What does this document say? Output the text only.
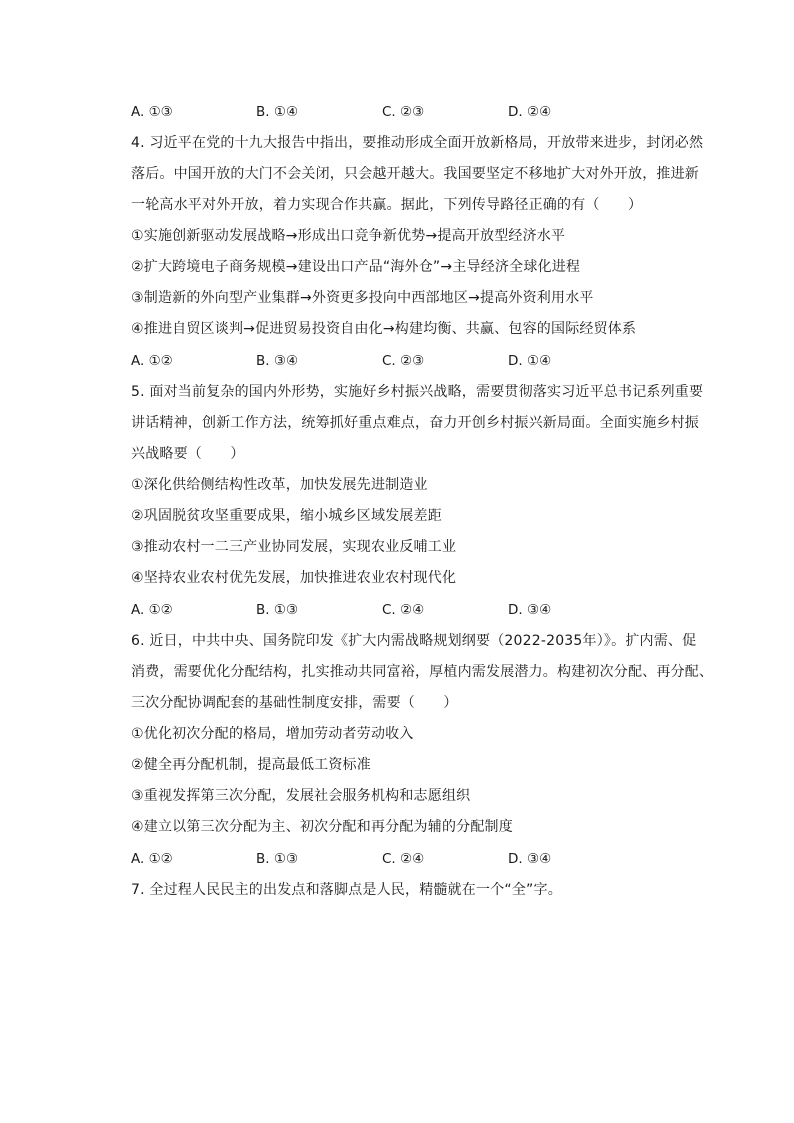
A. ①③	B. ①④	C. ②③	D. ②④
4. 习近平在党的十九大报告中指出，要推动形成全面开放新格局，开放带来进步，封闭必然
落后。中国开放的大门不会关闭，只会越开越大。我国要坚定不移地扩大对外开放，推进新
一轮高水平对外开放，着力实现合作共赢。据此，下列传导路径正确的有（　　）
①实施创新驱动发展战略→形成出口竞争新优势→提高开放型经济水平
②扩大跨境电子商务规模→建设出口产品“海外仓”→主导经济全球化进程
③制造新的外向型产业集群→外资更多投向中西部地区→提高外资利用水平
④推进自贸区谈判→促进贸易投资自由化→构建均衡、共赢、包容的国际经贸体系
A. ①②	B. ③④	C. ②③	D. ①④
5. 面对当前复杂的国内外形势，实施好乡村振兴战略，需要贯彻落实习近平总书记系列重要
讲话精神，创新工作方法，统筹抓好重点难点，奋力开创乡村振兴新局面。全面实施乡村振
兴战略要（　　）
①深化供给侧结构性改革，加快发展先进制造业
②巩固脱贫攻坚重要成果，缩小城乡区域发展差距
③推动农村一二三产业协同发展，实现农业反哺工业
④坚持农业农村优先发展，加快推进农业农村现代化
A. ①②	B. ①③	C. ②④	D. ③④
6. 近日，中共中央、国务院印发《扩大内需战略规划纲要（2022-2035年）》。扩内需、促
消费，需要优化分配结构，扎实推动共同富裕，厚植内需发展潜力。构建初次分配、再分配、
三次分配协调配套的基础性制度安排，需要（　　）
①优化初次分配的格局，增加劳动者劳动收入
②健全再分配机制，提高最低工资标准
③重视发挥第三次分配，发展社会服务机构和志愿组织
④建立以第三次分配为主、初次分配和再分配为辅的分配制度
A. ①②	B. ①③	C. ②④	D. ③④
7. 全过程人民民主的出发点和落脚点是人民，精髓就在一个“全”字。
